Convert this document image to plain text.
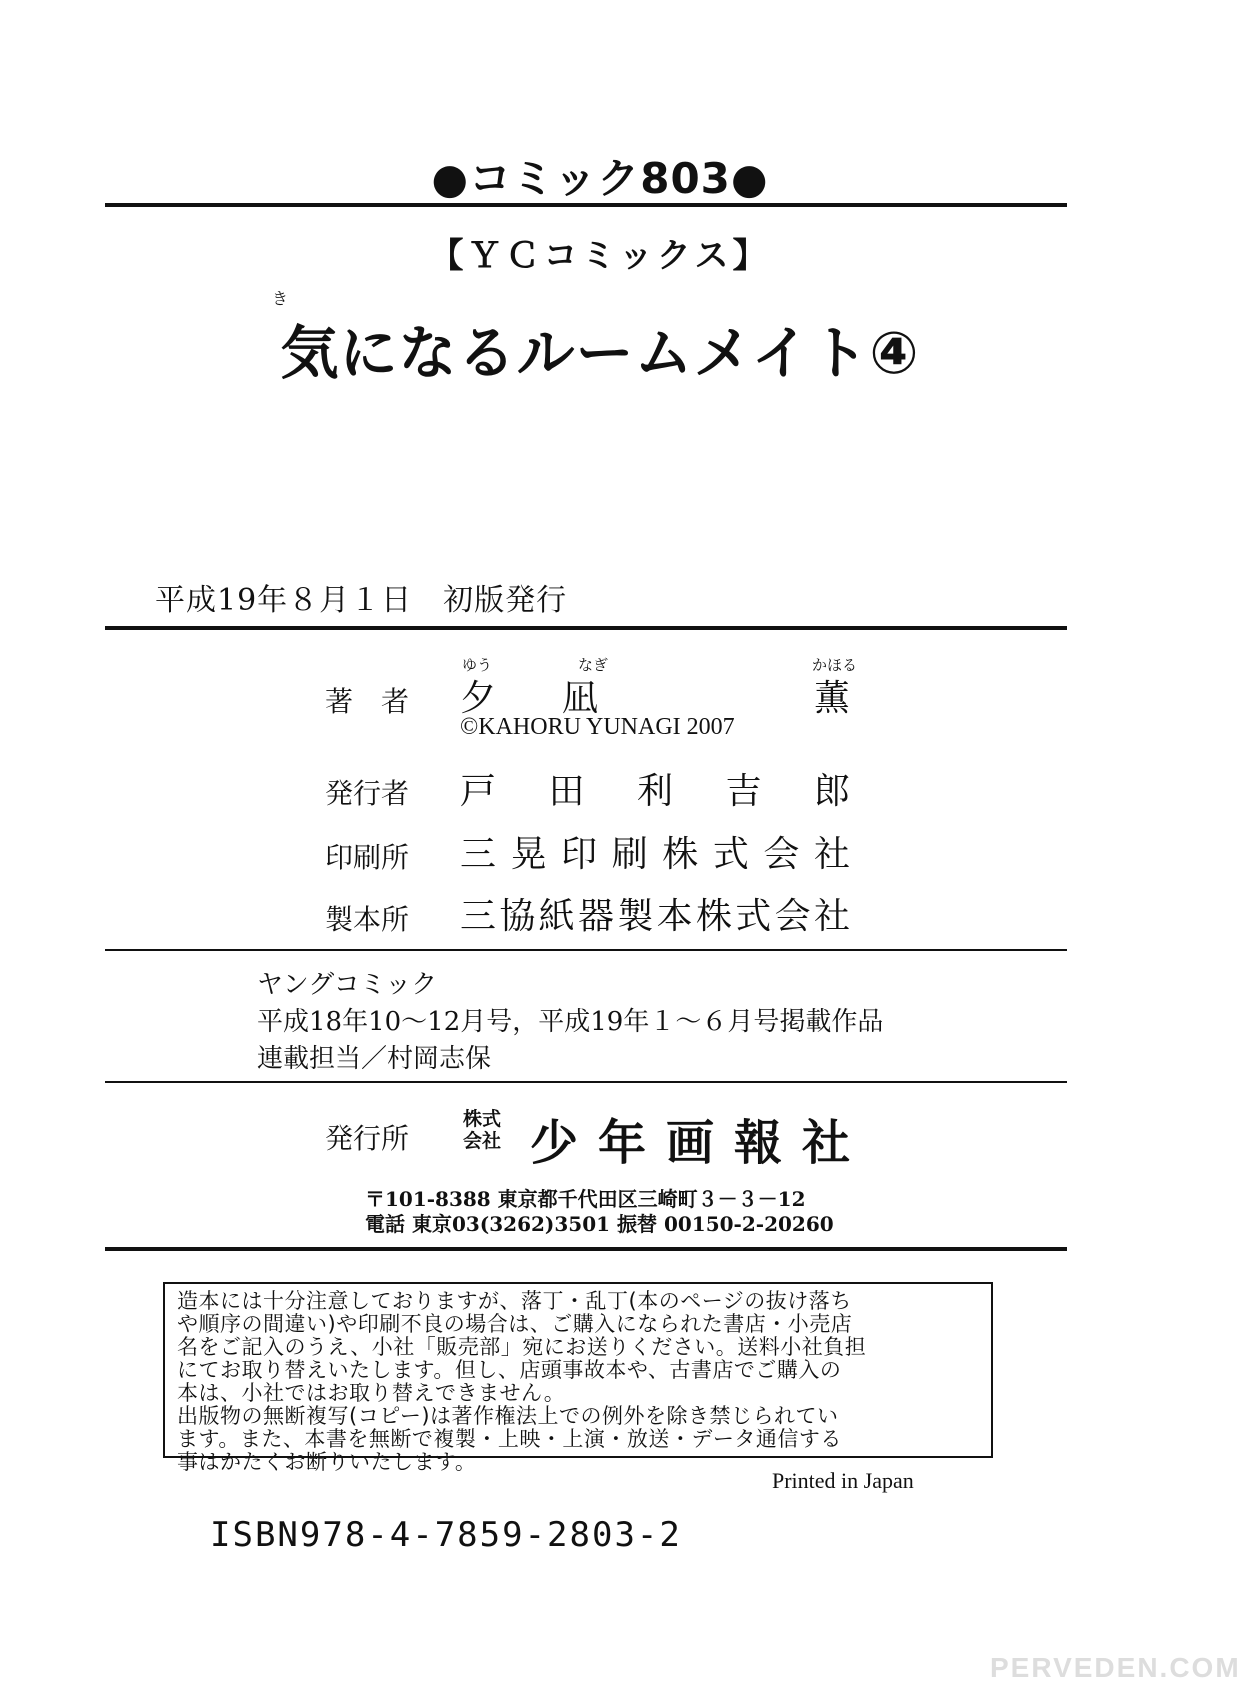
●コミック803●
【ＹＣコミックス】
き
気になるルームメイト④
平成19年８月１日　初版発行
ゆう	なぎ	かほる
著　者	夕 凪	薫
©KAHORU YUNAGI 2007
発行者	戸 田 利 吉 郎
印刷所	三 晃 印 刷 株 式 会 社
製本所	三 協 紙 器 製 本 株 式 会 社
ヤングコミック
平成18年10～12月号，平成19年１～６月号掲載作品
連載担当／村岡志保
発行所
株式会社 少 年 画 報 社
〒101-8388 東京都千代田区三崎町３－３－12
電話 東京03(3262)3501 振替 00150-2-20260
造本には十分注意しておりますが、落丁・乱丁(本のページの抜け落ち
や順序の間違い)や印刷不良の場合は、ご購入になられた書店・小売店
名をご記入のうえ、小社「販売部」宛にお送りください。送料小社負担
にてお取り替えいたします。但し、店頭事故本や、古書店でご購入の
本は、小社ではお取り替えできません。
出版物の無断複写(コピー)は著作権法上での例外を除き禁じられてい
ます。また、本書を無断で複製・上映・上演・放送・データ通信する
事はかたくお断りいたします。
Printed in Japan
ISBN978-4-7859-2803-2
PERVEDEN.COM
